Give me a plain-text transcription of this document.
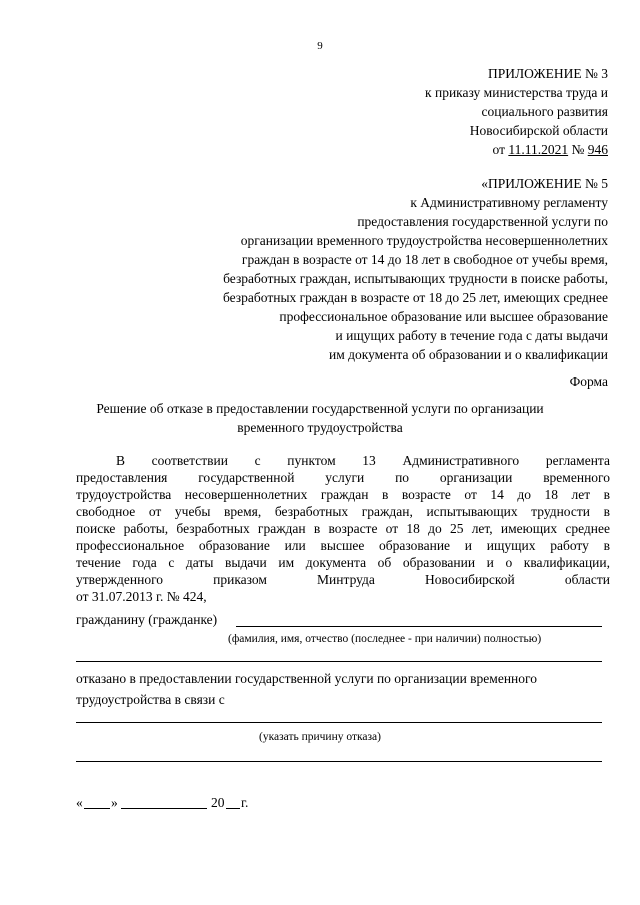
9
ПРИЛОЖЕНИЕ № 3
к приказу министерства труда и
социального развития
Новосибирской области
от 11.11.2021 № 946
«ПРИЛОЖЕНИЕ № 5
к Административному регламенту
предоставления государственной услуги по
организации временного трудоустройства несовершеннолетних
граждан в возрасте от 14 до 18 лет в свободное от учебы время,
безработных граждан, испытывающих трудности в поиске работы,
безработных граждан в возрасте от 18 до 25 лет, имеющих среднее
профессиональное образование или высшее образование
и ищущих работу в течение года с даты выдачи
им документа об образовании и о квалификации
Форма
Решение об отказе в предоставлении государственной услуги по организации
временного трудоустройства
В соответствии с пунктом 13 Административного регламента
предоставления государственной услуги по организации временного
трудоустройства несовершеннолетних граждан в возрасте от 14 до 18 лет в
свободное от учебы время, безработных граждан, испытывающих трудности в
поиске работы, безработных граждан в возрасте от 18 до 25 лет, имеющих среднее
профессиональное образование или высшее образование и ищущих работу в
течение года с даты выдачи им документа об образовании и о квалификации,
утвержденного приказом Минтруда Новосибирской области
от 31.07.2013 г. № 424,
гражданину (гражданке)
(фамилия, имя, отчество (последнее - при наличии) полностью)
отказано в предоставлении государственной услуги по организации временного
трудоустройства в связи с
(указать причину отказа)
« »	20 г.
